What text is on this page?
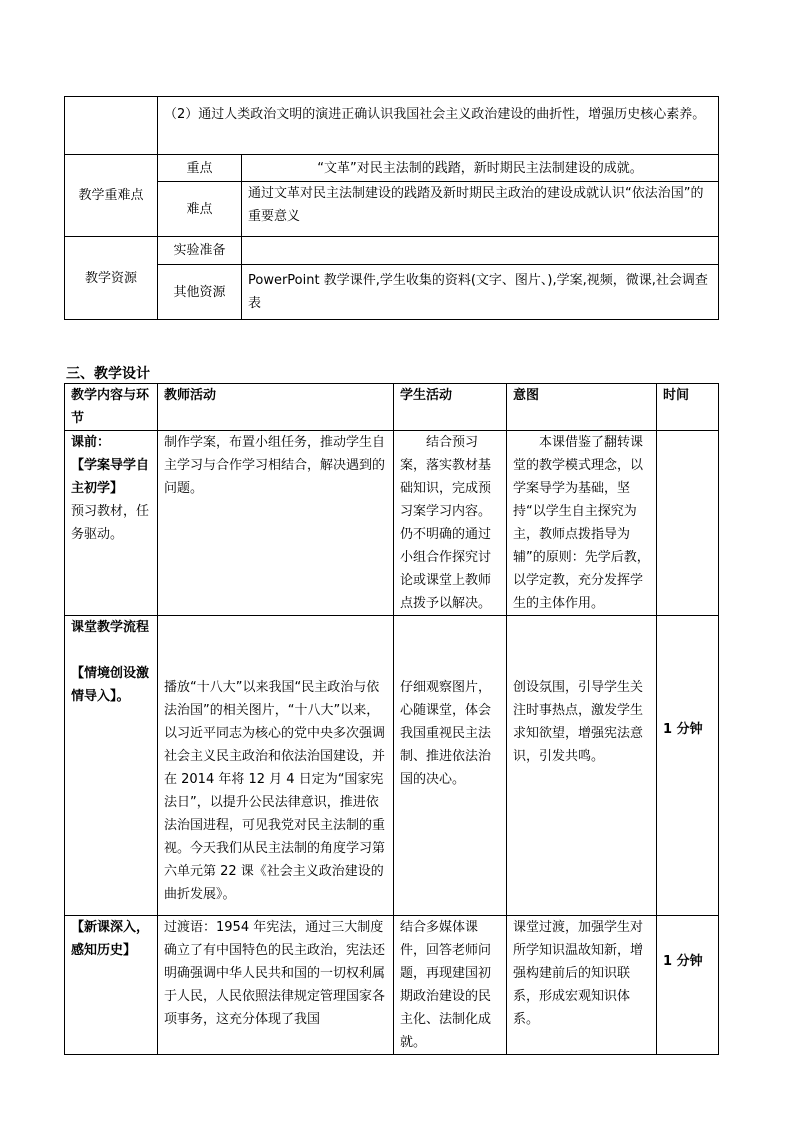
	（2）通过人类政治文明的演进正确认识我国社会主义政治建设的曲折性，增强历史核心素养。	
教学重难点	重点	“文革”对民主法制的践踏，新时期民主法制建设的成就。
	难点	通过文革对民主法制建设的践踏及新时期民主政治的建设成就认识“依法治国”的重要意义
教学资源	实验准备	
	其他资源	PowerPoint 教学课件,学生收集的资料(文字、图片、),学案,视频，微课,社会调查表
三、教学设计
教学内容与环节	教师活动	学生活动	意图	时间

课前：
【学案导学自主初学】
预习教材，任务驱动。	制作学案，布置小组任务，推动学生自主学习与合作学习相结合，解决遇到的问题。	结合预习案，落实教材基础知识，完成预习案学习内容。仍不明确的通过小组合作探究讨论或课堂上教师点拨予以解决。	本课借鉴了翻转课堂的教学模式理念，以学案导学为基础，坚持“以学生自主探究为主，教师点拨指导为辅”的原则：先学后教，以学定教，充分发挥学生的主体作用。	

课堂教学流程
【情境创设激情导入】。	播放“十八大”以来我国“民主政治与依法治国”的相关图片，“十八大”以来，以习近平同志为核心的党中央多次强调社会主义民主政治和依法治国建设，并在 2014 年将 12 月 4 日定为“国家宪法日”，以提升公民法律意识，推进依法治国进程，可见我党对民主法制的重视。今天我们从民主法制的角度学习第六单元第 22 课《社会主义政治建设的曲折发展》。	仔细观察图片，心随课堂，体会我国重视民主法制、推进依法治国的决心。	创设氛围，引导学生关注时事热点，激发学生求知欲望，增强宪法意识，引发共鸣。	1 分钟

【新课深入，感知历史】	过渡语：1954 年宪法，通过三大制度确立了有中国特色的民主政治，宪法还明确强调中华人民共和国的一切权利属于人民，人民依照法律规定管理国家各项事务，这充分体现了我国	结合多媒体课件，回答老师问题，再现建国初期政治建设的民主化、法制化成就。	课堂过渡，加强学生对所学知识温故知新，增强构建前后的知识联系，形成宏观知识体系。	1 分钟
